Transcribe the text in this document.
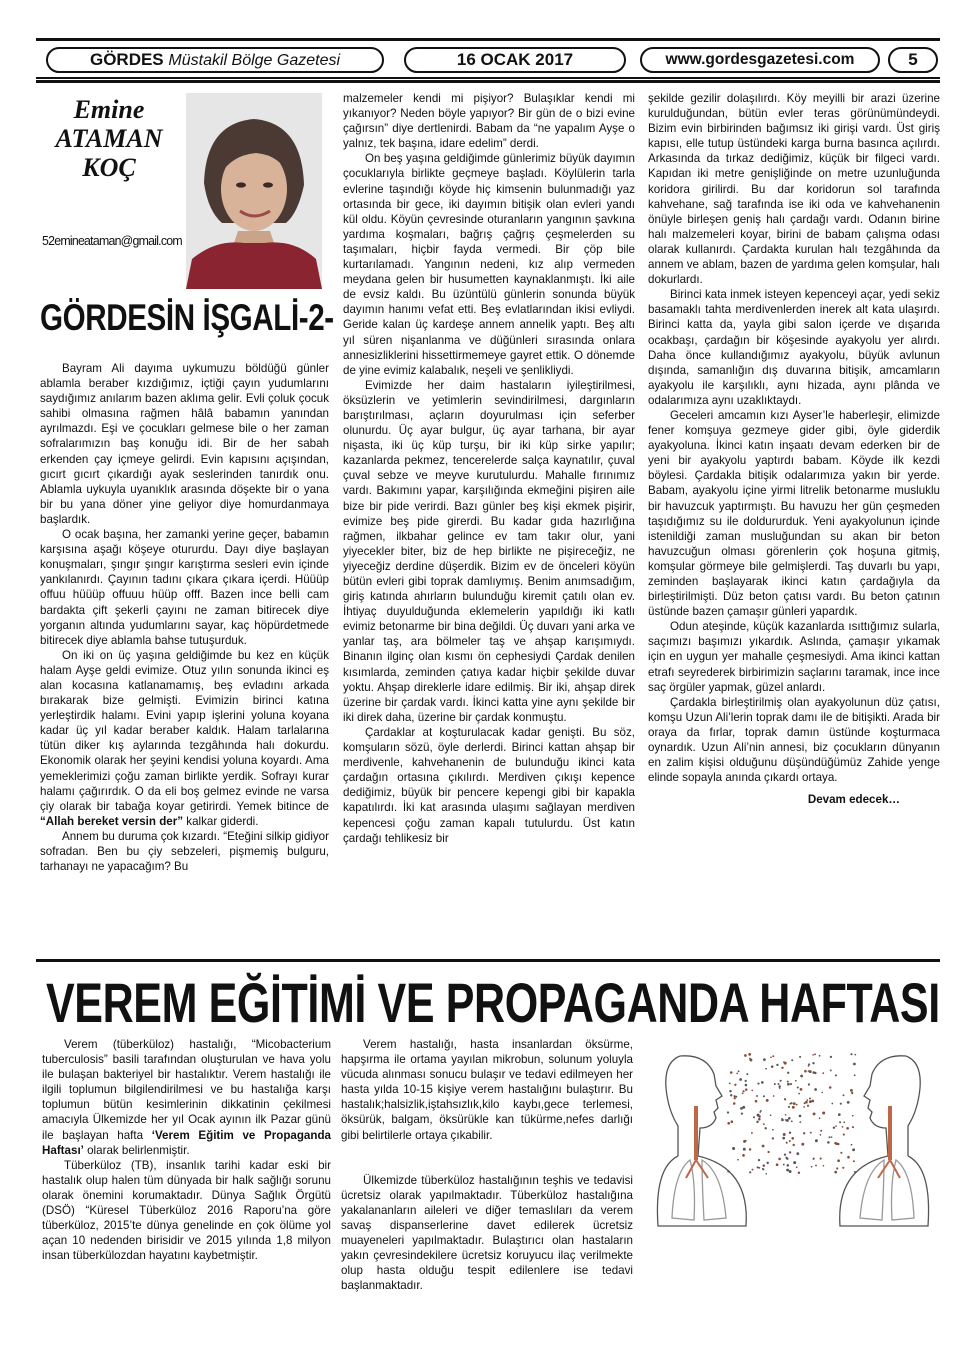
GÖRDES Müstakil Bölge Gazetesi	16 OCAK 2017	www.gordesgazetesi.com	5
Emine
ATAMAN
KOÇ
52emineataman@gmail.com
GÖRDESİN İŞGALİ-2-

Bayram Ali dayıma uykumuzu böldüğü günler ablamla beraber kızdığımız, içtiği çayın yudumlarını saydığımız anılarım bazen aklıma gelir. Evli çoluk çocuk sahibi olmasına rağmen hâlâ babamın yanından ayrılmazdı. Eşi ve çocukları gelmese bile o her zaman sofralarımızın baş konuğu idi. Bir de her sabah erkenden çay içmeye gelirdi. Evin kapısını açışından, gıcırt gıcırt çıkardığı ayak seslerinden tanırdık onu. Ablamla uykuyla uyanıklık arasında döşekte bir o yana bir bu yana döner yine geliyor diye homurdanmaya başlardık.

O ocak başına, her zamanki yerine geçer, babamın karşısına aşağı köşeye otururdu. Dayı diye başlayan konuşmaları, şıngır şıngır karıştırma sesleri evin içinde yankılanırdı. Çayının tadını çıkara çıkara içerdi. Hüüüp offuu hüüüp offuuu hüüp offf. Bazen ince belli cam bardakta çift şekerli çayını ne zaman bitirecek diye yorganın altında yudumlarını sayar, kaç höpürdetmede bitirecek diye ablamla bahse tutuşurduk.

On iki on üç yaşına geldiğimde bu kez en küçük halam Ayşe geldi evimize. Otuz yılın sonunda ikinci eş alan kocasına katlanamamış, beş evladını arkada bırakarak bize gelmişti. Evimizin birinci katına yerleştirdik halamı. Evini yapıp işlerini yoluna koyana kadar üç yıl kadar beraber kaldık. Halam tarlalarına tütün diker kış aylarında tezgâhında halı dokurdu. Ekonomik olarak her şeyini kendisi yoluna koyardı. Ama yemeklerimizi çoğu zaman birlikte yerdik. Sofrayı kurar halamı çağırırdık. O da eli boş gelmez evinde ne varsa çiy olarak bir tabağa koyar getirirdi. Yemek bitince de “Allah bereket versin der” kalkar giderdi.

Annem bu duruma çok kızardı. “Eteğini silkip gidiyor sofradan. Ben bu çiy sebzeleri, pişmemiş bulguru, tarhanayı ne yapacağım? Bu

malzemeler kendi mi pişiyor? Bulaşıklar kendi mi yıkanıyor? Neden böyle yapıyor? Bir gün de o bizi evine çağırsın” diye dertlenirdi. Babam da “ne yapalım Ayşe o yalnız, tek başına, idare edelim” derdi.

On beş yaşına geldiğimde günlerimiz büyük dayımın çocuklarıyla birlikte geçmeye başladı. Köylülerin tarla evlerine taşındığı köyde hiç kimsenin bulunmadığı yaz ortasında bir gece, iki dayımın bitişik olan evleri yandı kül oldu. Köyün çevresinde oturanların yangının şavkına yardıma koşmaları, bağrış çağrış çeşmelerden su taşımaları, hiçbir fayda vermedi. Bir çöp bile kurtarılamadı. Yangının nedeni, kız alıp vermeden meydana gelen bir husumetten kaynaklanmıştı. İki aile de evsiz kaldı. Bu üzüntülü günlerin sonunda büyük dayımın hanımı vefat etti. Beş evlatlarından ikisi evliydi. Geride kalan üç kardeşe annem annelik yaptı. Beş altı yıl süren nişanlanma ve düğünleri sırasında onlara annesizliklerini hissettirmemeye gayret ettik. O dönemde de yine evimiz kalabalık, neşeli ve şenlikliydi.

Evimizde her daim hastaların iyileştirilmesi, öksüzlerin ve yetimlerin sevindirilmesi, dargınların barıştırılması, açların doyurulması için seferber olunurdu. Üç ayar bulgur, üç ayar tarhana, bir ayar nişasta, iki üç küp turşu, bir iki küp sirke yapılır; kazanlarda pekmez, tencerelerde salça kaynatılır, çuval çuval sebze ve meyve kurutulurdu. Mahalle fırınımız vardı. Bakımını yapar, karşılığında ekmeğini pişiren aile bize bir pide verirdi. Bazı günler beş kişi ekmek pişirir, evimize beş pide girerdi. Bu kadar gıda hazırlığına rağmen, ilkbahar gelince ev tam takır olur, yani yiyecekler biter, biz de hep birlikte ne pişireceğiz, ne yiyeceğiz derdine düşerdik. Bizim ev de önceleri köyün bütün evleri gibi toprak damlıymış. Benim anımsadığım, giriş katında ahırların bulunduğu kiremit çatılı olan ev. İhtiyaç duyulduğunda eklemelerin yapıldığı iki katlı evimiz betonarme bir bina değildi. Üç duvarı yani arka ve yanlar taş, ara bölmeler taş ve ahşap karışımıydı. Binanın ilginç olan kısmı ön cephesiydi Çardak denilen kısımlarda, zeminden çatıya kadar hiçbir şekilde duvar yoktu. Ahşap direklerle idare edilmiş. Bir iki, ahşap direk üzerine bir çardak vardı. İkinci katta yine aynı şekilde bir iki direk daha, üzerine bir çardak konmuştu.

Çardaklar at koşturulacak kadar genişti. Bu söz, komşuların sözü, öyle derlerdi. Birinci kattan ahşap bir merdivenle, kahvehanenin de bulunduğu ikinci kata çardağın ortasına çıkılırdı. Merdiven çıkışı kepence dediğimiz, büyük bir pencere kepengi gibi bir kapakla kapatılırdı. İki kat arasında ulaşımı sağlayan merdiven kepencesi çoğu zaman kapalı tutulurdu. Üst katın çardağı tehlikesiz bir

şekilde gezilir dolaşılırdı. Köy meyilli bir arazi üzerine kurulduğundan, bütün evler teras görünümündeydi. Bizim evin birbirinden bağımsız iki girişi vardı. Üst giriş kapısı, elle tutup üstündeki karga burna basınca açılırdı. Arkasında da tırkaz dediğimiz, küçük bir filgeci vardı. Kapıdan iki metre genişliğinde on metre uzunluğunda koridora girilirdi. Bu dar koridorun sol tarafında kahvehane, sağ tarafında ise iki oda ve kahvehanenin önüyle birleşen geniş halı çardağı vardı. Odanın birine halı malzemeleri koyar, birini de babam çalışma odası olarak kullanırdı. Çardakta kurulan halı tezgâhında da annem ve ablam, bazen de yardıma gelen komşular, halı dokurlardı.

Birinci kata inmek isteyen kepenceyi açar, yedi sekiz basamaklı tahta merdivenlerden inerek alt kata ulaşırdı. Birinci katta da, yayla gibi salon içerde ve dışarıda ocakbaşı, çardağın bir köşesinde ayakyolu yer alırdı. Daha önce kullandığımız ayakyolu, büyük avlunun dışında, samanlığın dış duvarına bitişik, amcamların ayakyolu ile karşılıklı, aynı hizada, aynı plânda ve odalarımıza aynı uzaklıktaydı.

Geceleri amcamın kızı Ayser’le haberleşir, elimizde fener komşuya gezmeye gider gibi, öyle giderdik ayakyoluna. İkinci katın inşaatı devam ederken bir de yeni bir ayakyolu yaptırdı babam. Köyde ilk kezdi böylesi. Çardakla bitişik odalarımıza yakın bir yerde. Babam, ayakyolu içine yirmi litrelik betonarme musluklu bir havuzcuk yaptırmıştı. Bu havuzu her gün çeşmeden taşıdığımız su ile doldururduk. Yeni ayakyolunun içinde istenildiği zaman musluğundan su akan bir beton havuzcuğun olması görenlerin çok hoşuna gitmiş, komşular görmeye bile gelmişlerdi. Taş duvarlı bu yapı, zeminden başlayarak ikinci katın çardağıyla da birleştirilmişti. Düz beton çatısı vardı. Bu beton çatının üstünde bazen çamaşır günleri yapardık.

Odun ateşinde, küçük kazanlarda ısıttığımız sularla, saçımızı başımızı yıkardık. Aslında, çamaşır yıkamak için en uygun yer mahalle çeşmesiydi. Ama ikinci kattan etrafı seyrederek birbirimizin saçlarını taramak, ince ince saç örgüler yapmak, güzel anlardı.

Çardakla birleştirilmiş olan ayakyolunun düz çatısı, komşu Uzun Ali’lerin toprak damı ile de bitişikti. Arada bir oraya da fırlar, toprak damın üstünde koşturmaca oynardık. Uzun Ali’nin annesi, biz çocukların dünyanın en zalim kişisi olduğunu düşündüğümüz Zahide yenge elinde sopayla anında çıkardı ortaya.

Devam edecek…
VEREM EĞİTİMİ VE PROPAGANDA HAFTASI

Verem (tüberküloz) hastalığı, “Micobacterium tuberculosis” basili tarafından oluşturulan ve hava yolu ile bulaşan bakteriyel bir hastalıktır. Verem hastalığı ile ilgili toplumun bilgilendirilmesi ve bu hastalığa karşı toplumun bütün kesimlerinin dikkatinin çekilmesi amacıyla Ülkemizde her yıl Ocak ayının ilk Pazar günü ile başlayan hafta ‘Verem Eğitim ve Propaganda Haftası’ olarak belirlenmiştir.

Tüberküloz (TB), insanlık tarihi kadar eski bir hastalık olup halen tüm dünyada bir halk sağlığı sorunu olarak önemini korumaktadır. Dünya Sağlık Örgütü (DSÖ) “Küresel Tüberküloz 2016 Raporu’na göre tüberküloz, 2015’te dünya genelinde en çok ölüme yol açan 10 nedenden birisidir ve 2015 yılında 1,8 milyon insan tüberkülozdan hayatını kaybetmiştir.

Verem hastalığı, hasta insanlardan öksürme, hapşırma ile ortama yayılan mikrobun, solunum yoluyla vücuda alınması sonucu bulaşır ve tedavi edilmeyen her hasta yılda 10-15 kişiye verem hastalığını bulaştırır. Bu hastalık;halsizlik,iştahsızlık,kilo kaybı,gece terlemesi, öksürük, balgam, öksürükle kan tükürme,nefes darlığı gibi belirtilerle ortaya çıkabilir.

Ülkemizde tüberküloz hastalığının teşhis ve tedavisi ücretsiz olarak yapılmaktadır. Tüberküloz hastalığına yakalananların aileleri ve diğer temaslıları da verem savaş dispanserlerine davet edilerek ücretsiz muayeneleri yapılmaktadır. Bulaştırıcı olan hastaların yakın çevresindekilere ücretsiz koruyucu ilaç verilmekte olup hasta olduğu tespit edilenlere ise tedavi başlanmaktadır.
